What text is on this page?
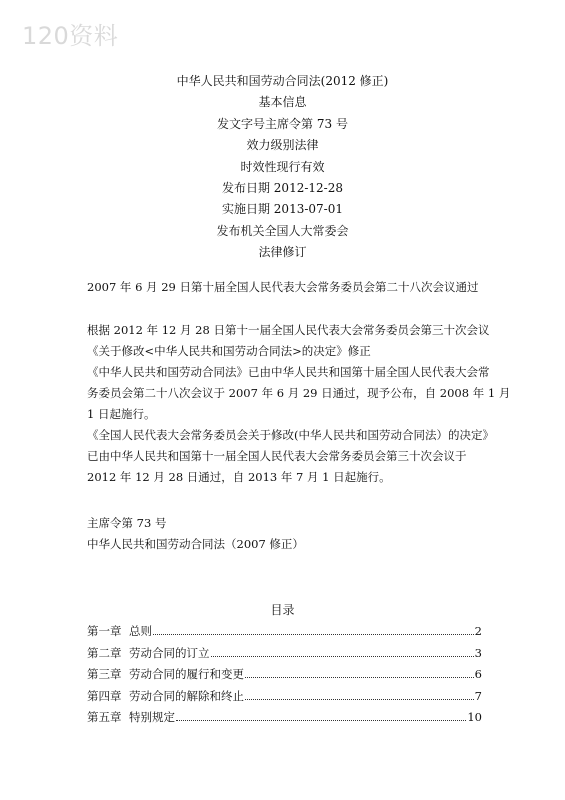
120资料
中华人民共和国劳动合同法(2012 修正)
基本信息
发文字号主席令第 73 号
效力级别法律
时效性现行有效
发布日期 2012-12-28
实施日期 2013-07-01
发布机关全国人大常委会
法律修订
2007 年 6 月 29 日第十届全国人民代表大会常务委员会第二十八次会议通过
根据 2012 年 12 月 28 日第十一届全国人民代表大会常务委员会第三十次会议
《关于修改<中华人民共和国劳动合同法>的决定》修正
《中华人民共和国劳动合同法》已由中华人民共和国第十届全国人民代表大会常
务委员会第二十八次会议于 2007 年 6 月 29 日通过，现予公布，自 2008 年 1 月
1 日起施行。
《全国人民代表大会常务委员会关于修改(中华人民共和国劳动合同法）的决定》
已由中华人民共和国第十一届全国人民代表大会常务委员会第三十次会议于
2012 年 12 月 28 日通过，自 2013 年 7 月 1 日起施行。
主席令第 73 号
中华人民共和国劳动合同法（2007 修正）
目录
第一章 总则	2
第二章 劳动合同的订立	3
第三章 劳动合同的履行和变更	6
第四章 劳动合同的解除和终止	7
第五章 特别规定	10
